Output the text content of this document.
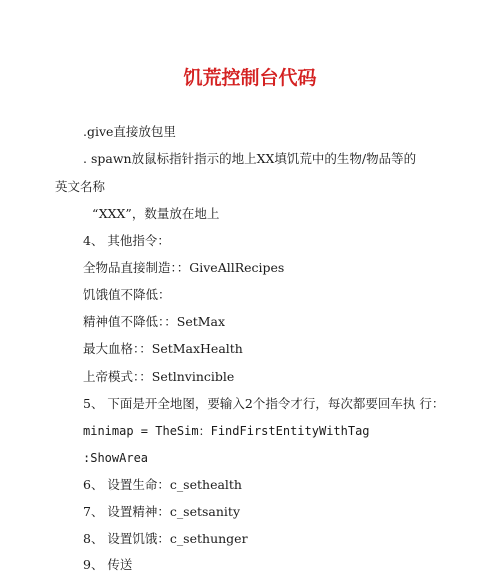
饥荒控制台代码
.give直接放包里
. spawn放鼠标指针指示的地上XX填饥荒中的生物/物品等的
英文名称
“XXX”，数量放在地上
4、 其他指令：
全物品直接制造：：GiveAllRecipes
饥饿值不降低：
精神值不降低：：SetMax
最大血格：：SetMaxHealth
上帝模式：：Setlnvincible
5、 下面是开全地图，要输入2个指令才行，每次都要回车执 行：
minimap = TheSim：FindFirstEntityWithTag
:ShowArea
6、 设置生命：c_sethealth
7、 设置精神：c_setsanity
8、 设置饥饿：c_sethunger
9、 传送
